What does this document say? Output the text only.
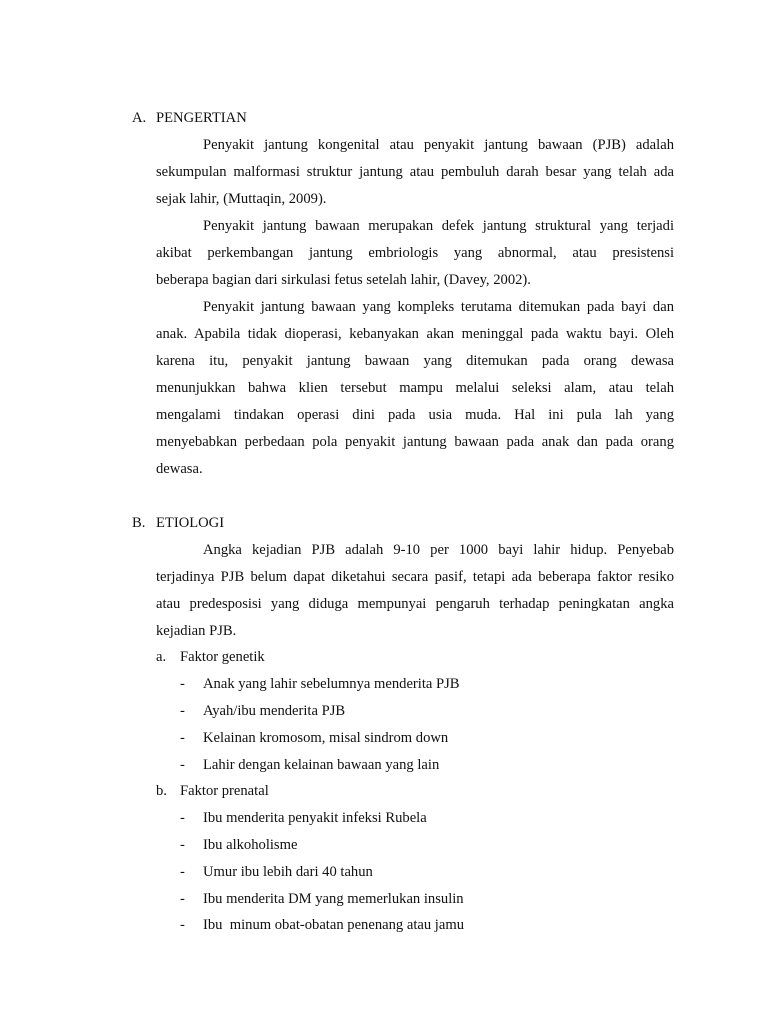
A. PENGERTIAN
Penyakit jantung kongenital atau penyakit jantung bawaan (PJB) adalah
sekumpulan malformasi struktur jantung atau pembuluh darah besar yang telah ada
sejak lahir, (Muttaqin, 2009).
Penyakit jantung bawaan merupakan defek jantung struktural yang terjadi
akibat perkembangan jantung embriologis yang abnormal, atau presistensi
beberapa bagian dari sirkulasi fetus setelah lahir, (Davey, 2002).
Penyakit jantung bawaan yang kompleks terutama ditemukan pada bayi dan
anak. Apabila tidak dioperasi, kebanyakan akan meninggal pada waktu bayi. Oleh
karena itu, penyakit jantung bawaan yang ditemukan pada orang dewasa
menunjukkan bahwa klien tersebut mampu melalui seleksi alam, atau telah
mengalami tindakan operasi dini pada usia muda. Hal ini pula lah yang
menyebabkan perbedaan pola penyakit jantung bawaan pada anak dan pada orang
dewasa.
B. ETIOLOGI
Angka kejadian PJB adalah 9-10 per 1000 bayi lahir hidup. Penyebab
terjadinya PJB belum dapat diketahui secara pasif, tetapi ada beberapa faktor resiko
atau predesposisi yang diduga mempunyai pengaruh terhadap peningkatan angka
kejadian PJB.
a. Faktor genetik
- Anak yang lahir sebelumnya menderita PJB
- Ayah/ibu menderita PJB
- Kelainan kromosom, misal sindrom down
- Lahir dengan kelainan bawaan yang lain
b. Faktor prenatal
- Ibu menderita penyakit infeksi Rubela
- Ibu alkoholisme
- Umur ibu lebih dari 40 tahun
- Ibu menderita DM yang memerlukan insulin
- Ibu  minum obat-obatan penenang atau jamu
